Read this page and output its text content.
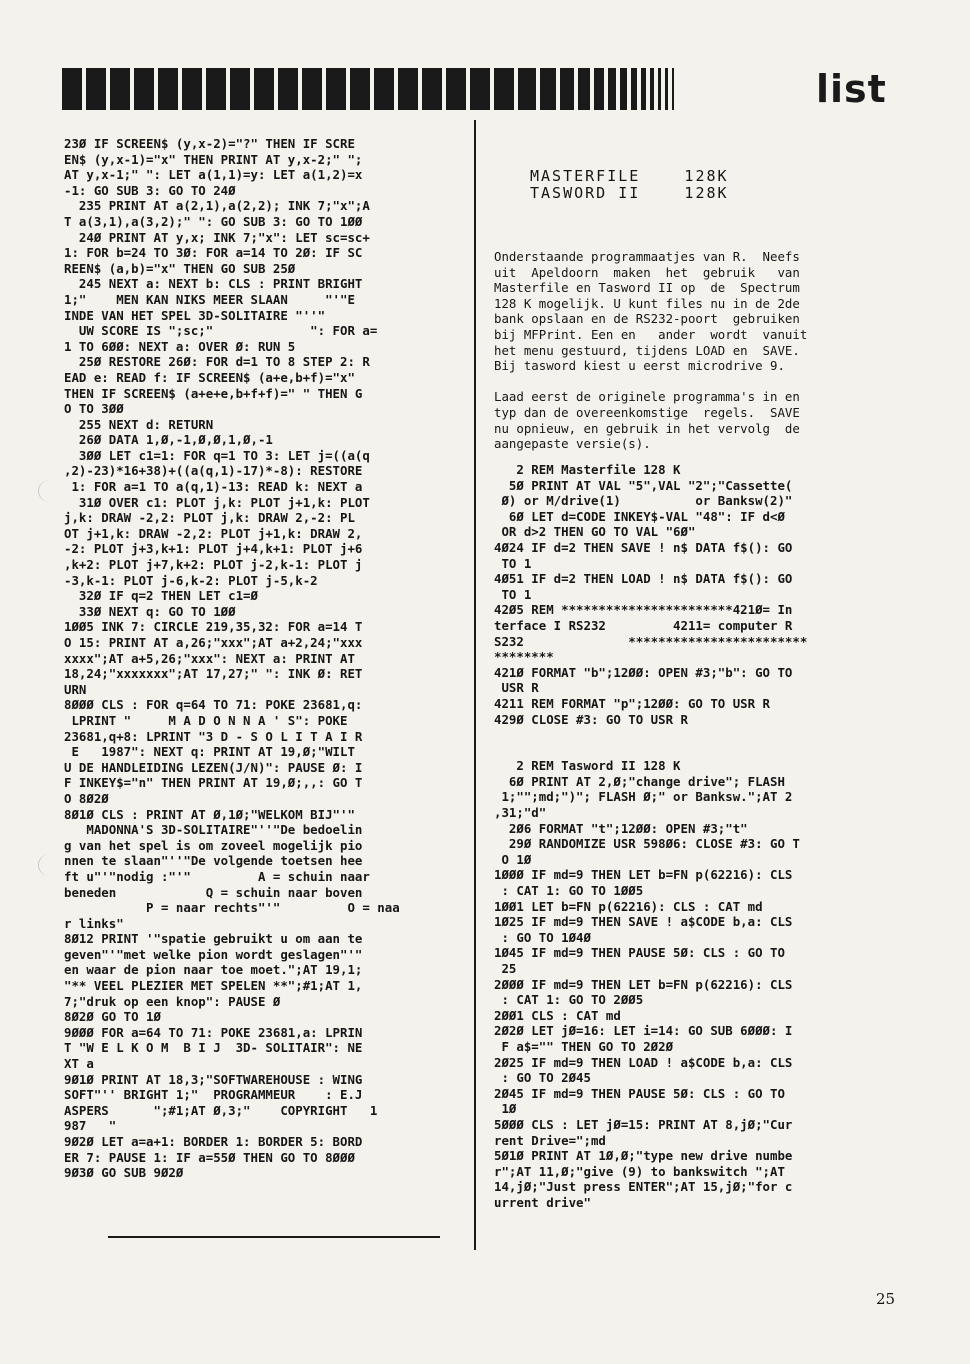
list
23Ø IF SCREEN$ (y,x-2)="?" THEN IF SCRE
EN$ (y,x-1)="x" THEN PRINT AT y,x-2;" ";
AT y,x-1;" ": LET a(1,1)=y: LET a(1,2)=x
-1: GO SUB 3: GO TO 24Ø
235 PRINT AT a(2,1),a(2,2); INK 7;"x";A
T a(3,1),a(3,2);" ": GO SUB 3: GO TO 1ØØ
24Ø PRINT AT y,x; INK 7;"x": LET sc=sc+
1: FOR b=24 TO 3Ø: FOR a=14 TO 2Ø: IF SC
REEN$ (a,b)="x" THEN GO SUB 25Ø
245 NEXT a: NEXT b: CLS : PRINT BRIGHT
1;"    MEN KAN NIKS MEER SLAAN     "'"E
INDE VAN HET SPEL 3D-SOLITAIRE "''"
UW SCORE IS ";sc;"             ": FOR a=
1 TO 6ØØ: NEXT a: OVER Ø: RUN 5
25Ø RESTORE 26Ø: FOR d=1 TO 8 STEP 2: R
EAD e: READ f: IF SCREEN$ (a+e,b+f)="x"
THEN IF SCREEN$ (a+e+e,b+f+f)=" " THEN G
O TO 3ØØ
255 NEXT d: RETURN
26Ø DATA 1,Ø,-1,Ø,Ø,1,Ø,-1
3ØØ LET c1=1: FOR q=1 TO 3: LET j=((a(q
,2)-23)*16+38)+((a(q,1)-17)*-8): RESTORE
1: FOR a=1 TO a(q,1)-13: READ k: NEXT a
31Ø OVER c1: PLOT j,k: PLOT j+1,k: PLOT
j,k: DRAW -2,2: PLOT j,k: DRAW 2,-2: PL
OT j+1,k: DRAW -2,2: PLOT j+1,k: DRAW 2,
-2: PLOT j+3,k+1: PLOT j+4,k+1: PLOT j+6
,k+2: PLOT j+7,k+2: PLOT j-2,k-1: PLOT j
-3,k-1: PLOT j-6,k-2: PLOT j-5,k-2
32Ø IF q=2 THEN LET c1=Ø
33Ø NEXT q: GO TO 1ØØ
1ØØ5 INK 7: CIRCLE 219,35,32: FOR a=14 T
O 15: PRINT AT a,26;"xxx";AT a+2,24;"xxx
xxxx";AT a+5,26;"xxx": NEXT a: PRINT AT
18,24;"xxxxxxx";AT 17,27;" ": INK Ø: RET
URN
8ØØØ CLS : FOR q=64 TO 71: POKE 23681,q:
LPRINT "     M A D O N N A ' S": POKE
23681,q+8: LPRINT "3 D - S O L I T A I R
E   1987": NEXT q: PRINT AT 19,Ø;"WILT
U DE HANDLEIDING LEZEN(J/N)": PAUSE Ø: I
F INKEY$="n" THEN PRINT AT 19,Ø;,,: GO T
O 8Ø2Ø
8Ø1Ø CLS : PRINT AT Ø,1Ø;"WELKOM BIJ"'"
MADONNA'S 3D-SOLITAIRE"''"De bedoelin
g van het spel is om zoveel mogelijk pio
nnen te slaan"''"De volgende toetsen hee
ft u"'"nodig :"'"         A = schuin naar
beneden            Q = schuin naar boven
P = naar rechts"'"         O = naa
r links"
8Ø12 PRINT '"spatie gebruikt u om aan te
geven"'"met welke pion wordt geslagen"'"
en waar de pion naar toe moet.";AT 19,1;
"** VEEL PLEZIER MET SPELEN **";#1;AT 1,
7;"druk op een knop": PAUSE Ø
8Ø2Ø GO TO 1Ø
9ØØØ FOR a=64 TO 71: POKE 23681,a: LPRIN
T "W E L K O M  B I J  3D- SOLITAIR": NE
XT a
9Ø1Ø PRINT AT 18,3;"SOFTWAREHOUSE : WING
SOFT"'' BRIGHT 1;"  PROGRAMMEUR    : E.J
ASPERS      ";#1;AT Ø,3;"    COPYRIGHT   1
987   "
9Ø2Ø LET a=a+1: BORDER 1: BORDER 5: BORD
ER 7: PAUSE 1: IF a=55Ø THEN GO TO 8ØØØ
9Ø3Ø GO SUB 9Ø2Ø
MASTERFILE    128K
TASWORD II    128K
Onderstaande programmaatjes van R.  Neefs
uit  Apeldoorn  maken  het  gebruik   van
Masterfile en Tasword II op  de  Spectrum
128 K mogelijk. U kunt files nu in de 2de
bank opslaan en de RS232-poort  gebruiken
bij MFPrint. Een en   ander  wordt  vanuit
het menu gestuurd, tijdens LOAD en  SAVE.
Bij tasword kiest u eerst microdrive 9.

Laad eerst de originele programma's in en
typ dan de overeenkomstige  regels.  SAVE
nu opnieuw, en gebruik in het vervolg  de
aangepaste versie(s).
2 REM Masterfile 128 K
5Ø PRINT AT VAL "5",VAL "2";"Cassette(
Ø) or M/drive(1)          or Banksw(2)"
6Ø LET d=CODE INKEY$-VAL "48": IF d<Ø
OR d>2 THEN GO TO VAL "6Ø"
4Ø24 IF d=2 THEN SAVE ! n$ DATA f$(): GO
TO 1
4Ø51 IF d=2 THEN LOAD ! n$ DATA f$(): GO
TO 1
42Ø5 REM ***********************421Ø= In
terface I RS232         4211= computer R
S232              ************************
********
421Ø FORMAT "b";12ØØ: OPEN #3;"b": GO TO
USR R
4211 REM FORMAT "p";12ØØ: GO TO USR R
429Ø CLOSE #3: GO TO USR R

2 REM Tasword II 128 K
6Ø PRINT AT 2,Ø;"change drive"; FLASH
1;"";md;")"; FLASH Ø;" or Banksw.";AT 2
,31;"d"
2Ø6 FORMAT "t";12ØØ: OPEN #3;"t"
29Ø RANDOMIZE USR 598Ø6: CLOSE #3: GO T
O 1Ø
1ØØØ IF md=9 THEN LET b=FN p(62216): CLS
: CAT 1: GO TO 1ØØ5
1ØØ1 LET b=FN p(62216): CLS : CAT md
1Ø25 IF md=9 THEN SAVE ! a$CODE b,a: CLS
: GO TO 1Ø4Ø
1Ø45 IF md=9 THEN PAUSE 5Ø: CLS : GO TO
25
2ØØØ IF md=9 THEN LET b=FN p(62216): CLS
: CAT 1: GO TO 2ØØ5
2ØØ1 CLS : CAT md
2Ø2Ø LET jØ=16: LET i=14: GO SUB 6ØØØ: I
F a$="" THEN GO TO 2Ø2Ø
2Ø25 IF md=9 THEN LOAD ! a$CODE b,a: CLS
: GO TO 2Ø45
2Ø45 IF md=9 THEN PAUSE 5Ø: CLS : GO TO
1Ø
5ØØØ CLS : LET jØ=15: PRINT AT 8,jØ;"Cur
rent Drive=";md
5Ø1Ø PRINT AT 1Ø,Ø;"type new drive numbe
r";AT 11,Ø;"give (9) to bankswitch ";AT
14,jØ;"Just press ENTER";AT 15,jØ;"for c
urrent drive"
25
